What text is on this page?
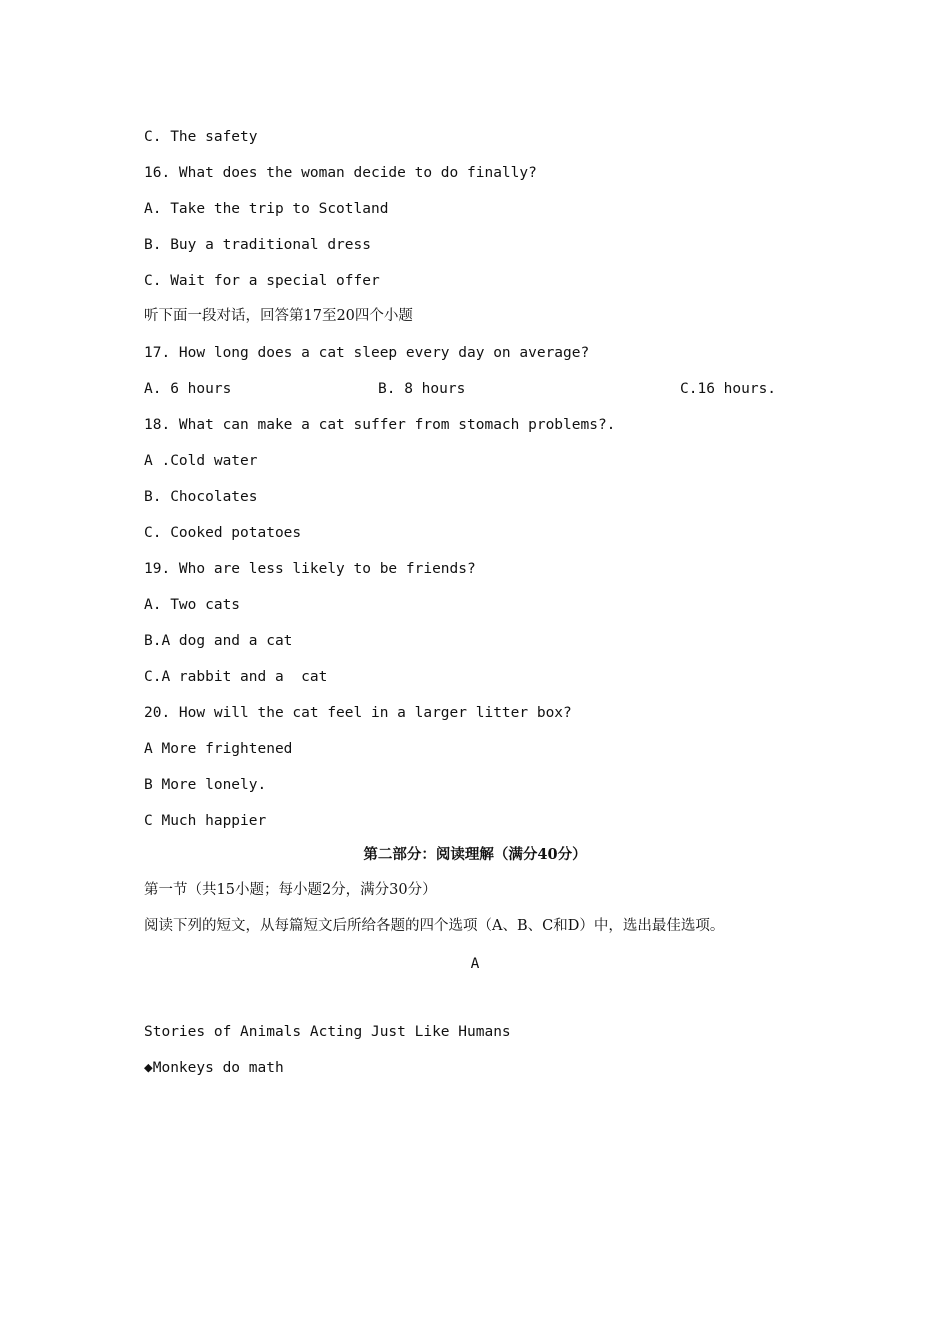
C. The safety
16. What does the woman decide to do finally?
A. Take the trip to Scotland
B. Buy a traditional dress
C. Wait for a special offer
听下面一段对话，回答第17至20四个小题
17. How long does a cat sleep every day on average?
A. 6 hours	B. 8 hours	C.16 hours.
18. What can make a cat suffer from stomach problems?.
A .Cold water
B. Chocolates
C. Cooked potatoes
19. Who are less likely to be friends?
A. Two cats
B.A dog and a cat
C.A rabbit and a  cat
20. How will the cat feel in a larger litter box?
A More frightened
B More lonely.
C Much happier
第二部分：阅读理解（满分40分）
第一节（共15小题；每小题2分，满分30分）
阅读下列的短文，从每篇短文后所给各题的四个选项（A、B、C和D）中，选出最佳选项。
A
Stories of Animals Acting Just Like Humans
◆Monkeys do math
